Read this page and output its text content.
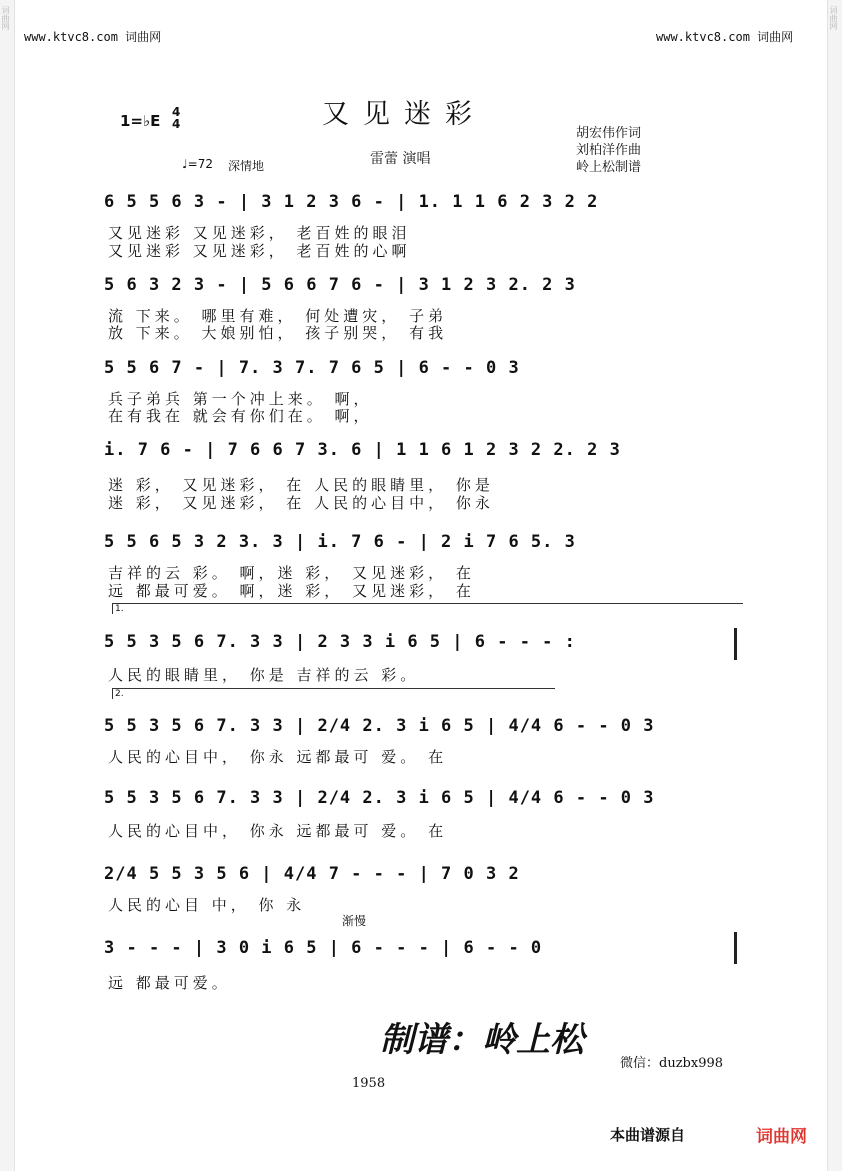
词曲网	词曲网
www.ktvc8.com 词曲网	www.ktvc8.com 词曲网
1=♭E 4
4	又见迷彩
胡宏伟作词
刘柏洋作曲
岭上松制谱
雷蕾 演唱
♩=72 深情地
6 5 5 6 3 - | 3 1 2 3 6 - | 1. 1 1 6 2 3 2 2
又见迷彩 又见迷彩， 老百姓的眼泪
又见迷彩 又见迷彩， 老百姓的心啊
5 6 3 2 3 - | 5 6 6 7 6 - | 3 1 2 3 2. 2 3
流 下来。 哪里有难， 何处遭灾， 子弟
放 下来。 大娘别怕， 孩子别哭， 有我
5 5 6 7 - | 7. 3 7. 7 6 5 | 6 - - 0 3
兵子弟兵 第一个冲上来。 啊，
在有我在 就会有你们在。 啊，
i. 7 6 - | 7 6 6 7 3. 6 | 1 1 6 1 2 3 2 2. 2 3
迷 彩， 又见迷彩， 在 人民的眼睛里， 你是
迷 彩， 又见迷彩， 在 人民的心目中， 你永
5 5 6 5 3 2 3. 3 | i. 7 6 - | 2 i 7 6 5. 3
吉祥的云 彩。 啊，迷 彩， 又见迷彩， 在
远 都最可爱。 啊，迷 彩， 又见迷彩， 在
1.
5 5 3 5 6 7. 3 3 | 2 3 3 i 6 5 | 6 - - - :
人民的眼睛里， 你是 吉祥的云 彩。
2.
5 5 3 5 6 7. 3 3 | 2/4 2. 3 i 6 5 | 4/4 6 - - 0 3
人民的心目中， 你永 远都最可 爱。 在
5 5 3 5 6 7. 3 3 | 2/4 2. 3 i 6 5 | 4/4 6 - - 0 3
人民的心目中， 你永 远都最可 爱。 在
2/4 5 5 3 5 6 | 4/4 7 - - - | 7 0 3 2
人民的心目 中， 你 永
渐慢
3 - - - | 3 0 i 6 5 | 6 - - - | 6 - - 0
远 都最可爱。
制谱：岭上松
微信：duzbx998
1958
本曲谱源自	词曲网
